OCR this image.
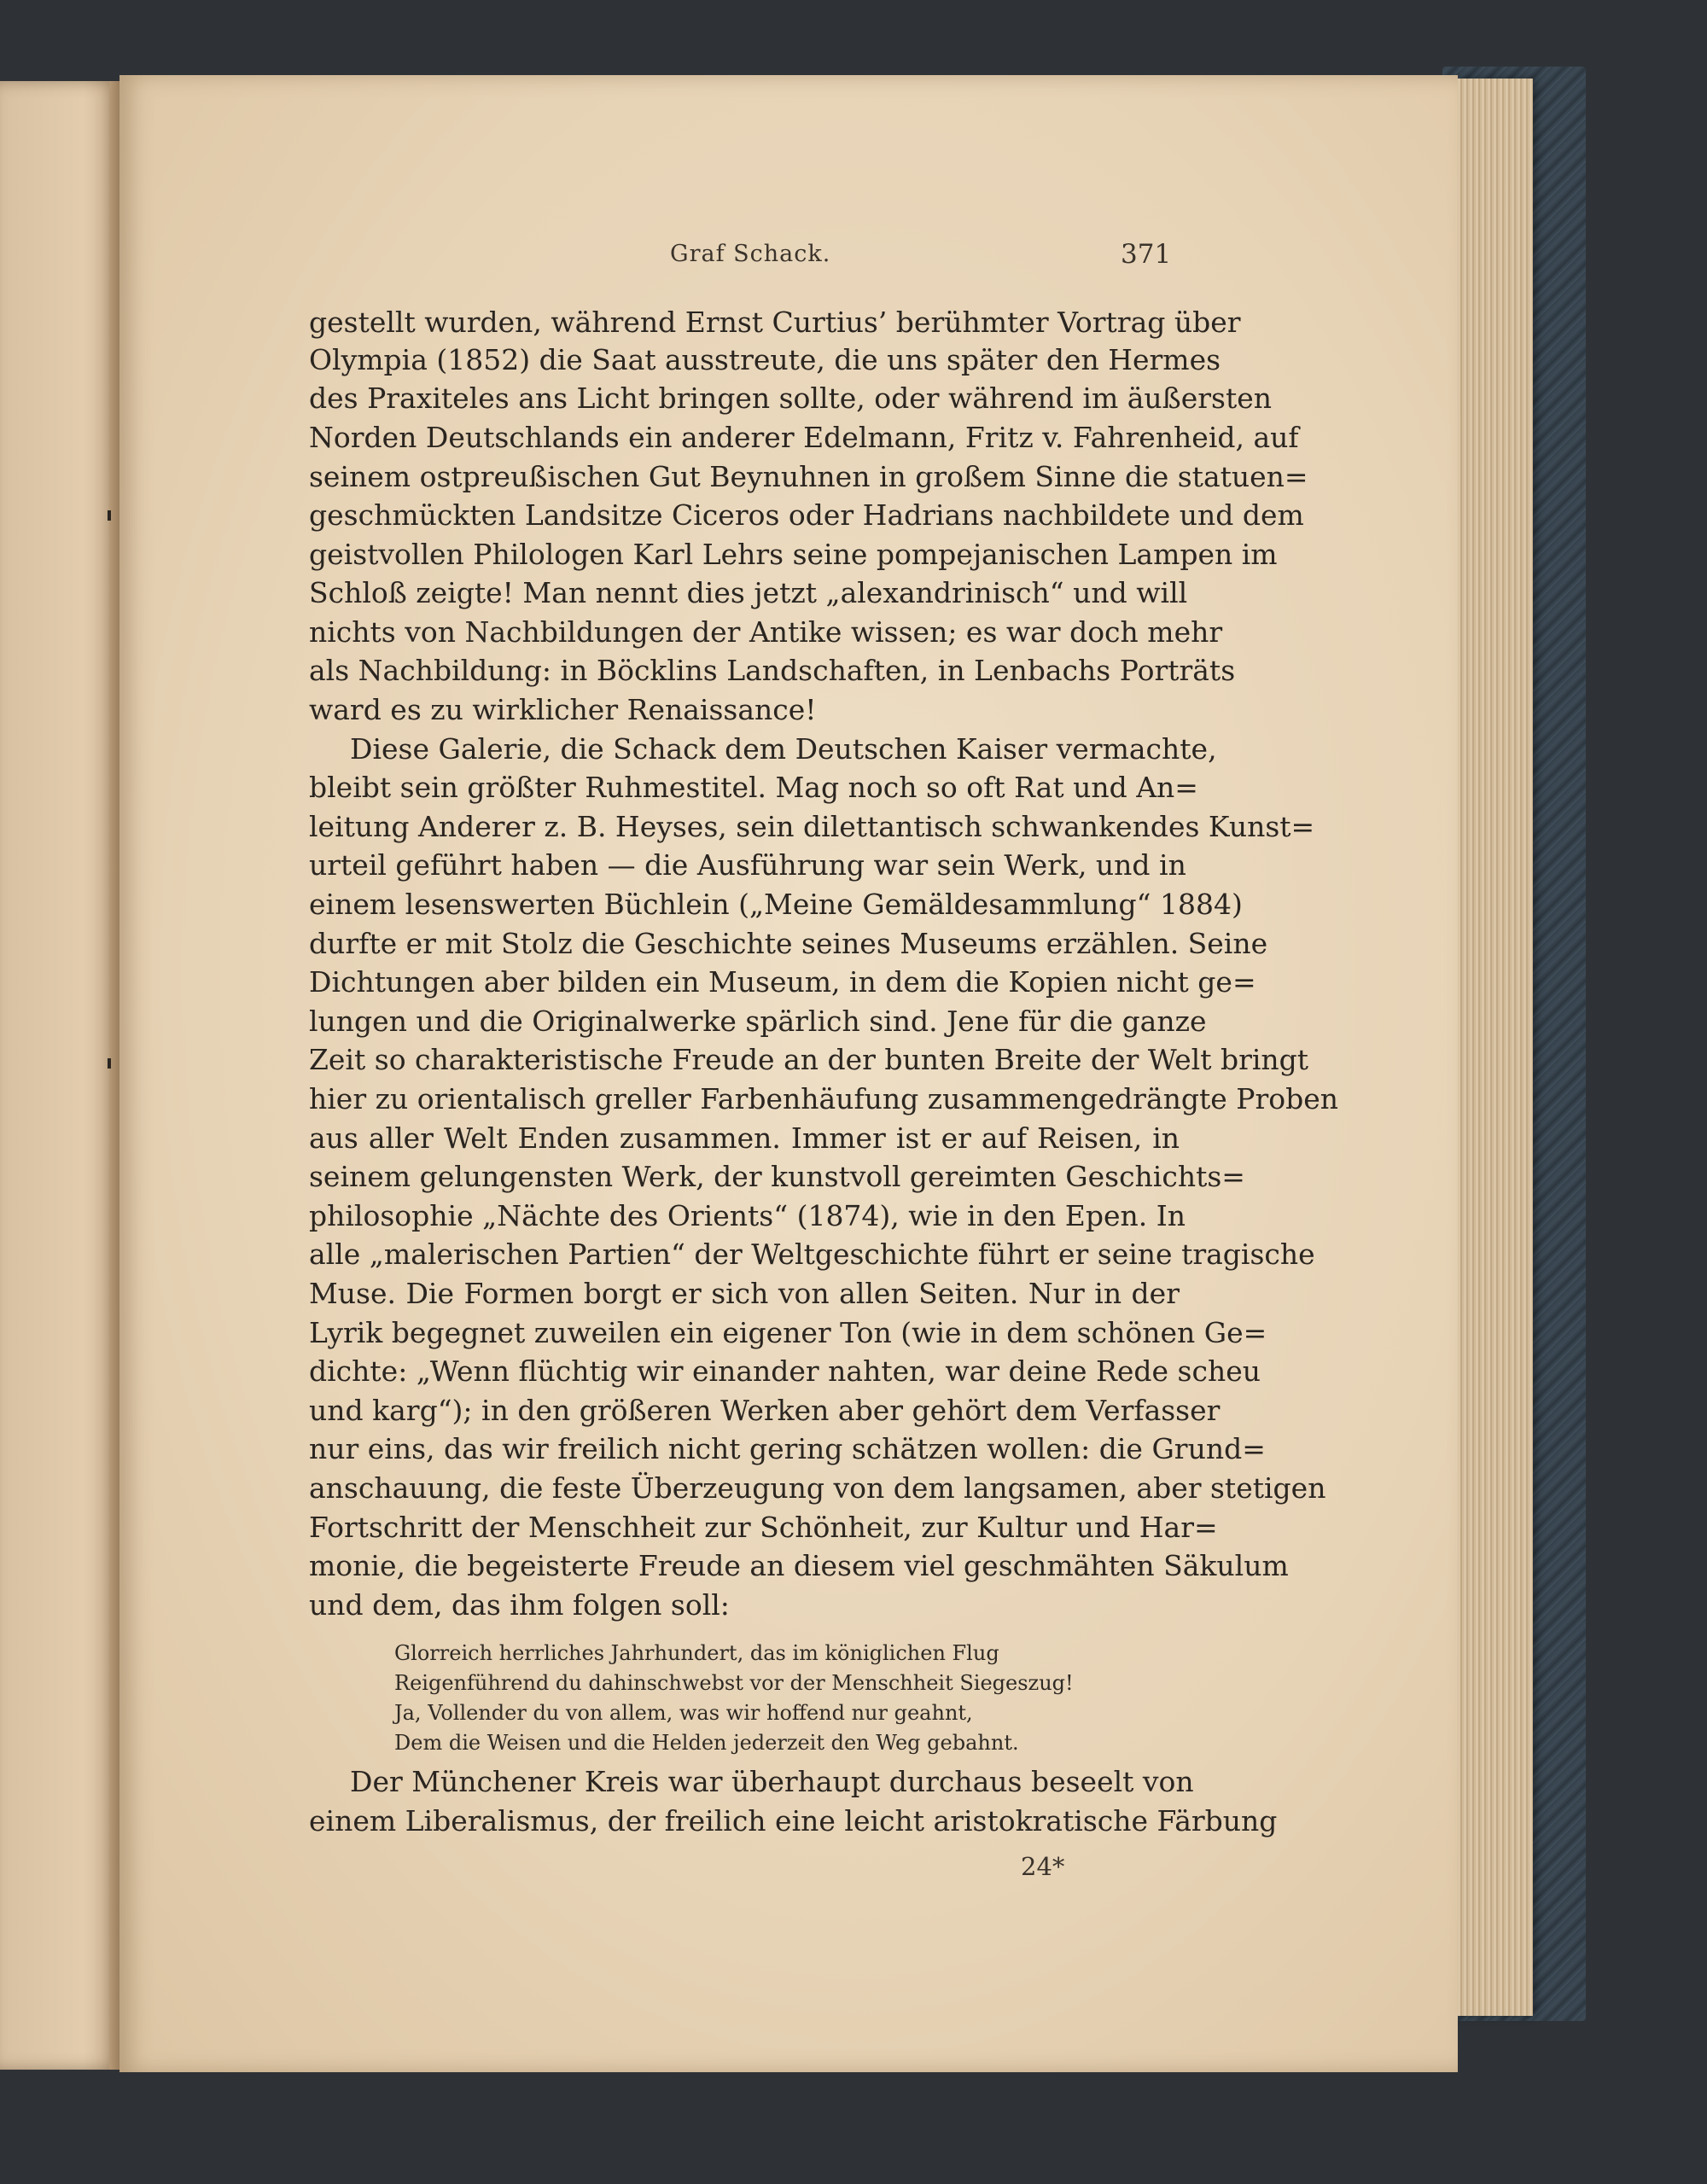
Graf Schack.	371
gestellt wurden, während Ernst Curtius’ berühmter Vortrag über
Olympia (1852) die Saat ausstreute, die uns später den Hermes
des Praxiteles ans Licht bringen sollte, oder während im äußersten
Norden Deutschlands ein anderer Edelmann, Fritz v. Fahrenheid, auf
seinem ostpreußischen Gut Beynuhnen in großem Sinne die statuen=
geschmückten Landsitze Ciceros oder Hadrians nachbildete und dem
geistvollen Philologen Karl Lehrs seine pompejanischen Lampen im
Schloß zeigte! Man nennt dies jetzt „alexandrinisch“ und will
nichts von Nachbildungen der Antike wissen; es war doch mehr
als Nachbildung: in Böcklins Landschaften, in Lenbachs Porträts
ward es zu wirklicher Renaissance!
Diese Galerie, die Schack dem Deutschen Kaiser vermachte,
bleibt sein größter Ruhmestitel. Mag noch so oft Rat und An=
leitung Anderer z. B. Heyses, sein dilettantisch schwankendes Kunst=
urteil geführt haben — die Ausführung war sein Werk, und in
einem lesenswerten Büchlein („Meine Gemäldesammlung“ 1884)
durfte er mit Stolz die Geschichte seines Museums erzählen. Seine
Dichtungen aber bilden ein Museum, in dem die Kopien nicht ge=
lungen und die Originalwerke spärlich sind. Jene für die ganze
Zeit so charakteristische Freude an der bunten Breite der Welt bringt
hier zu orientalisch greller Farbenhäufung zusammengedrängte Proben
aus aller Welt Enden zusammen. Immer ist er auf Reisen, in
seinem gelungensten Werk, der kunstvoll gereimten Geschichts=
philosophie „Nächte des Orients“ (1874), wie in den Epen. In
alle „malerischen Partien“ der Weltgeschichte führt er seine tragische
Muse. Die Formen borgt er sich von allen Seiten. Nur in der
Lyrik begegnet zuweilen ein eigener Ton (wie in dem schönen Ge=
dichte: „Wenn flüchtig wir einander nahten, war deine Rede scheu
und karg“); in den größeren Werken aber gehört dem Verfasser
nur eins, das wir freilich nicht gering schätzen wollen: die Grund=
anschauung, die feste Überzeugung von dem langsamen, aber stetigen
Fortschritt der Menschheit zur Schönheit, zur Kultur und Har=
monie, die begeisterte Freude an diesem viel geschmähten Säkulum
und dem, das ihm folgen soll:
Glorreich herrliches Jahrhundert, das im königlichen Flug
Reigenführend du dahinschwebst vor der Menschheit Siegeszug!
Ja, Vollender du von allem, was wir hoffend nur geahnt,
Dem die Weisen und die Helden jederzeit den Weg gebahnt.
Der Münchener Kreis war überhaupt durchaus beseelt von
einem Liberalismus, der freilich eine leicht aristokratische Färbung
24*
